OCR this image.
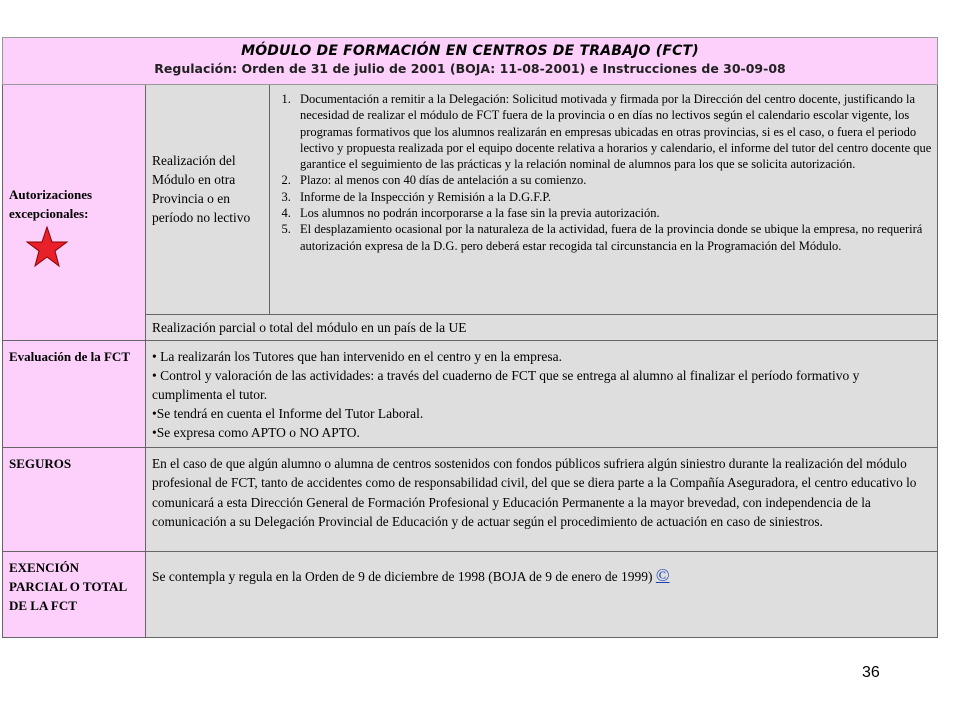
MÓDULO DE FORMACIÓN EN CENTROS DE TRABAJO (FCT)
Regulación: Orden de 31 de julio de 2001 (BOJA: 11-08-2001) e Instrucciones de 30-09-08
Autorizaciones excepcionales:
Realización del Módulo en otra Provincia o en período no lectivo
1. Documentación a remitir a la Delegación: Solicitud motivada y firmada por la Dirección del centro docente, justificando la necesidad de realizar el módulo de FCT fuera de la provincia o en días no lectivos según el calendario escolar vigente, los programas formativos que los alumnos realizarán en empresas ubicadas en otras provincias, si es el caso, o fuera el periodo lectivo y propuesta realizada por el equipo docente relativa a horarios y calendario, el informe del tutor del centro docente que garantice el seguimiento de las prácticas y la relación nominal de alumnos para los que se solicita autorización.
2. Plazo: al menos con 40 días de antelación a su comienzo.
3. Informe de la Inspección y Remisión a la D.G.F.P.
4. Los alumnos no podrán incorporarse a la fase sin la previa autorización.
5. El desplazamiento ocasional por la naturaleza de la actividad, fuera de la provincia donde se ubique la empresa, no requerirá autorización expresa de la D.G. pero deberá estar recogida tal circunstancia en la Programación del Módulo.
Realización parcial o total del módulo en un país de la UE
Evaluación de la FCT	• La realizarán los Tutores que han intervenido en el centro y en la empresa.

• Control y valoración de las actividades: a través del cuaderno de FCT que se entrega al alumno al finalizar el período formativo y cumplimenta el tutor.

•Se tendrá en cuenta el Informe del Tutor Laboral.

•Se expresa como APTO o NO APTO.

SEGUROS	En el caso de que algún alumno o alumna de centros sostenidos con fondos públicos sufriera algún siniestro durante la realización del módulo profesional de FCT, tanto de accidentes como de responsabilidad civil, del que se diera parte a la Compañía Aseguradora, el centro educativo lo comunicará a esta Dirección General de Formación Profesional y Educación Permanente a la mayor brevedad, con independencia de la comunicación a su Delegación Provincial de Educación y de actuar según el procedimiento de actuación en caso de siniestros.
EXENCIÓN PARCIAL O TOTAL DE LA FCT
Se contempla y regula en la Orden de 9 de diciembre de 1998 (BOJA de 9 de enero de 1999) ©
36
